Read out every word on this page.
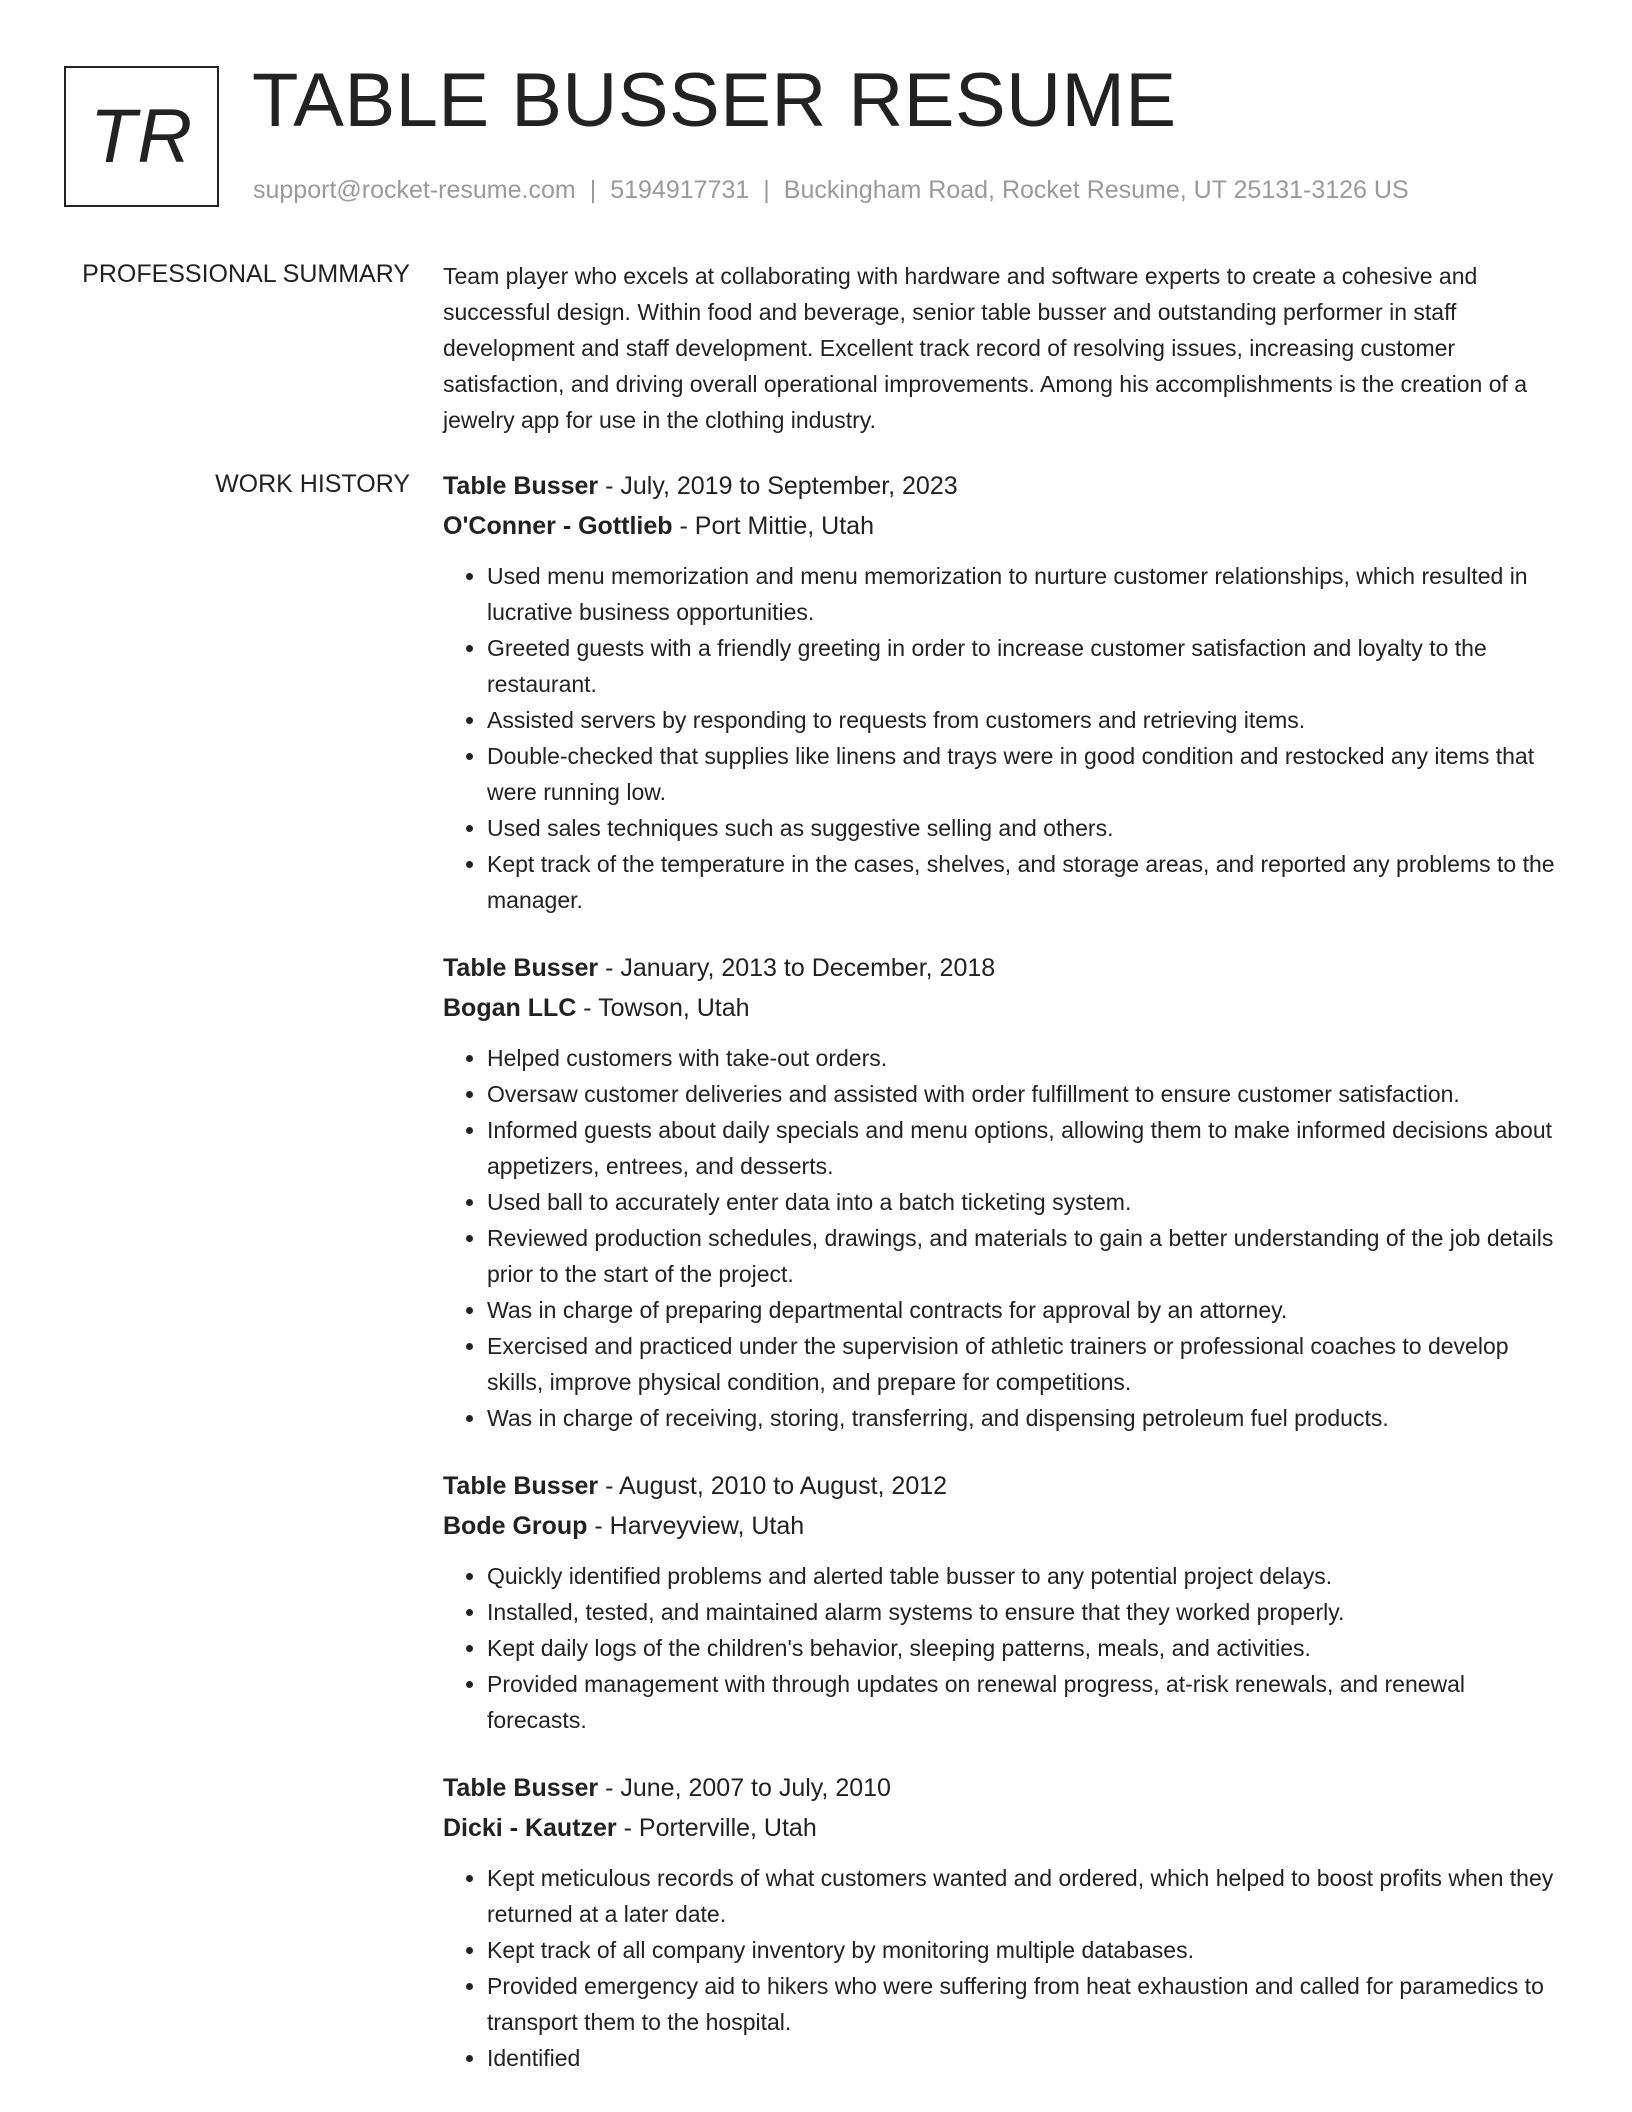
TR TABLE BUSSER RESUME
support@rocket-resume.com | 5194917731 | Buckingham Road, Rocket Resume, UT 25131-3126 US
PROFESSIONAL SUMMARY Team player who excels at collaborating with hardware and software experts to create a cohesive and successful design. Within food and beverage, senior table busser and outstanding performer in staff development and staff development. Excellent track record of resolving issues, increasing customer satisfaction, and driving overall operational improvements. Among his accomplishments is the creation of a jewelry app for use in the clothing industry.

WORK HISTORY Table Busser - July, 2019 to September, 2023
O'Conner - Gottlieb - Port Mittie, Utah
• Used menu memorization and menu memorization to nurture customer relationships, which resulted in lucrative business opportunities.
• Greeted guests with a friendly greeting in order to increase customer satisfaction and loyalty to the restaurant.
• Assisted servers by responding to requests from customers and retrieving items.
• Double-checked that supplies like linens and trays were in good condition and restocked any items that were running low.
• Used sales techniques such as suggestive selling and others.
• Kept track of the temperature in the cases, shelves, and storage areas, and reported any problems to the manager.
Table Busser - January, 2013 to December, 2018
Bogan LLC - Towson, Utah
• Helped customers with take-out orders.
• Oversaw customer deliveries and assisted with order fulfillment to ensure customer satisfaction.
• Informed guests about daily specials and menu options, allowing them to make informed decisions about appetizers, entrees, and desserts.
• Used ball to accurately enter data into a batch ticketing system.
• Reviewed production schedules, drawings, and materials to gain a better understanding of the job details prior to the start of the project.
• Was in charge of preparing departmental contracts for approval by an attorney.
• Exercised and practiced under the supervision of athletic trainers or professional coaches to develop skills, improve physical condition, and prepare for competitions.
• Was in charge of receiving, storing, transferring, and dispensing petroleum fuel products.
Table Busser - August, 2010 to August, 2012
Bode Group - Harveyview, Utah
• Quickly identified problems and alerted table busser to any potential project delays.
• Installed, tested, and maintained alarm systems to ensure that they worked properly.
• Kept daily logs of the children's behavior, sleeping patterns, meals, and activities.
• Provided management with through updates on renewal progress, at-risk renewals, and renewal forecasts.
Table Busser - June, 2007 to July, 2010
Dicki - Kautzer - Porterville, Utah
• Kept meticulous records of what customers wanted and ordered, which helped to boost profits when they returned at a later date.
• Kept track of all company inventory by monitoring multiple databases.
• Provided emergency aid to hikers who were suffering from heat exhaustion and called for paramedics to transport them to the hospital.
• Identified
